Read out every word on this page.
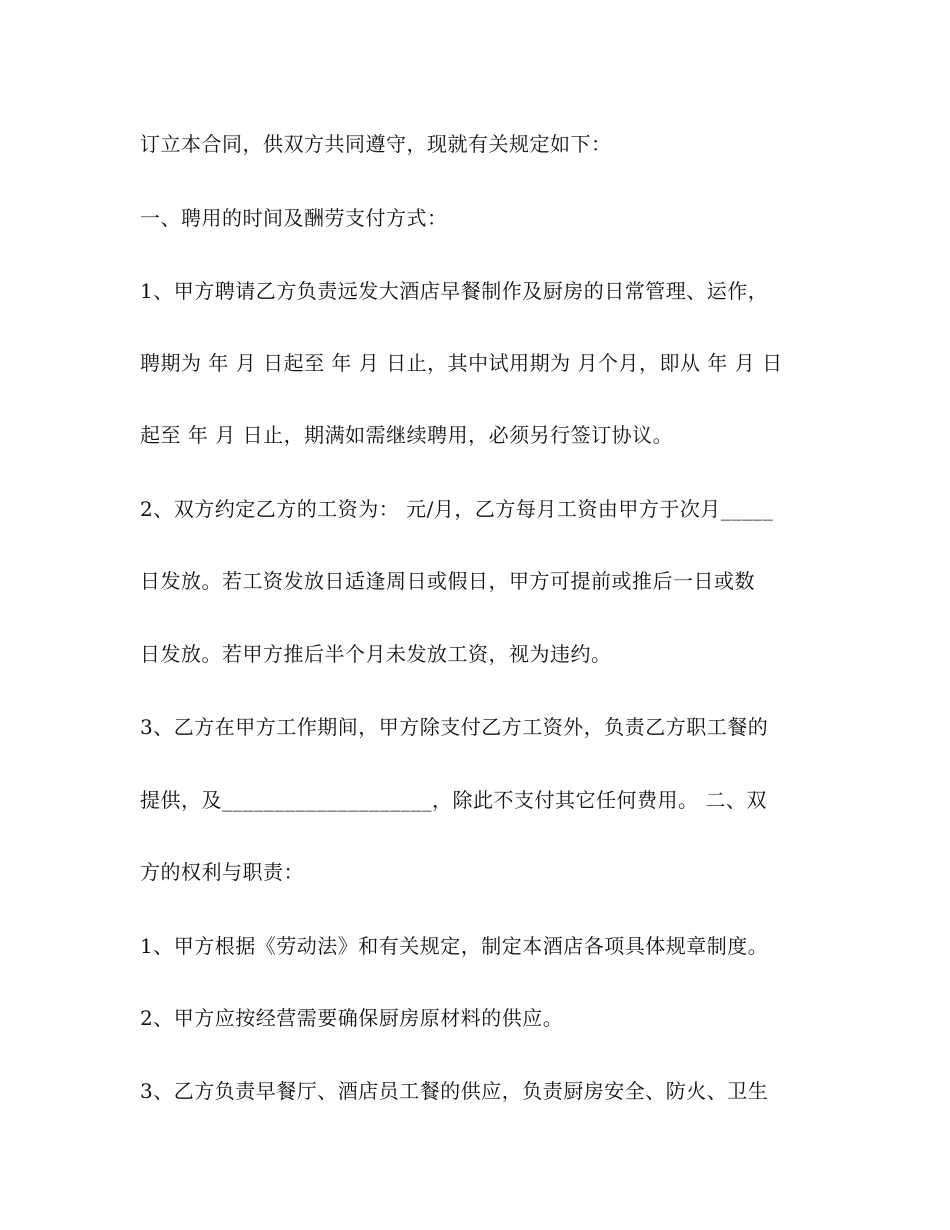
订立本合同，供双方共同遵守，现就有关规定如下：
一、聘用的时间及酬劳支付方式：
1、甲方聘请乙方负责远发大酒店早餐制作及厨房的日常管理、运作，
聘期为 年 月 日起至 年 月 日止，其中试用期为 月个月，即从 年 月 日
起至 年 月 日止，期满如需继续聘用，必须另行签订协议。
2、双方约定乙方的工资为： 元/月，乙方每月工资由甲方于次月_____
日发放。若工资发放日适逢周日或假日，甲方可提前或推后一日或数
日发放。若甲方推后半个月未发放工资，视为违约。
3、乙方在甲方工作期间，甲方除支付乙方工资外，负责乙方职工餐的
提供，及____________________，除此不支付其它任何费用。 二、双
方的权利与职责：
1、甲方根据《劳动法》和有关规定，制定本酒店各项具体规章制度。
2、甲方应按经营需要确保厨房原材料的供应。
3、乙方负责早餐厅、酒店员工餐的供应，负责厨房安全、防火、卫生
